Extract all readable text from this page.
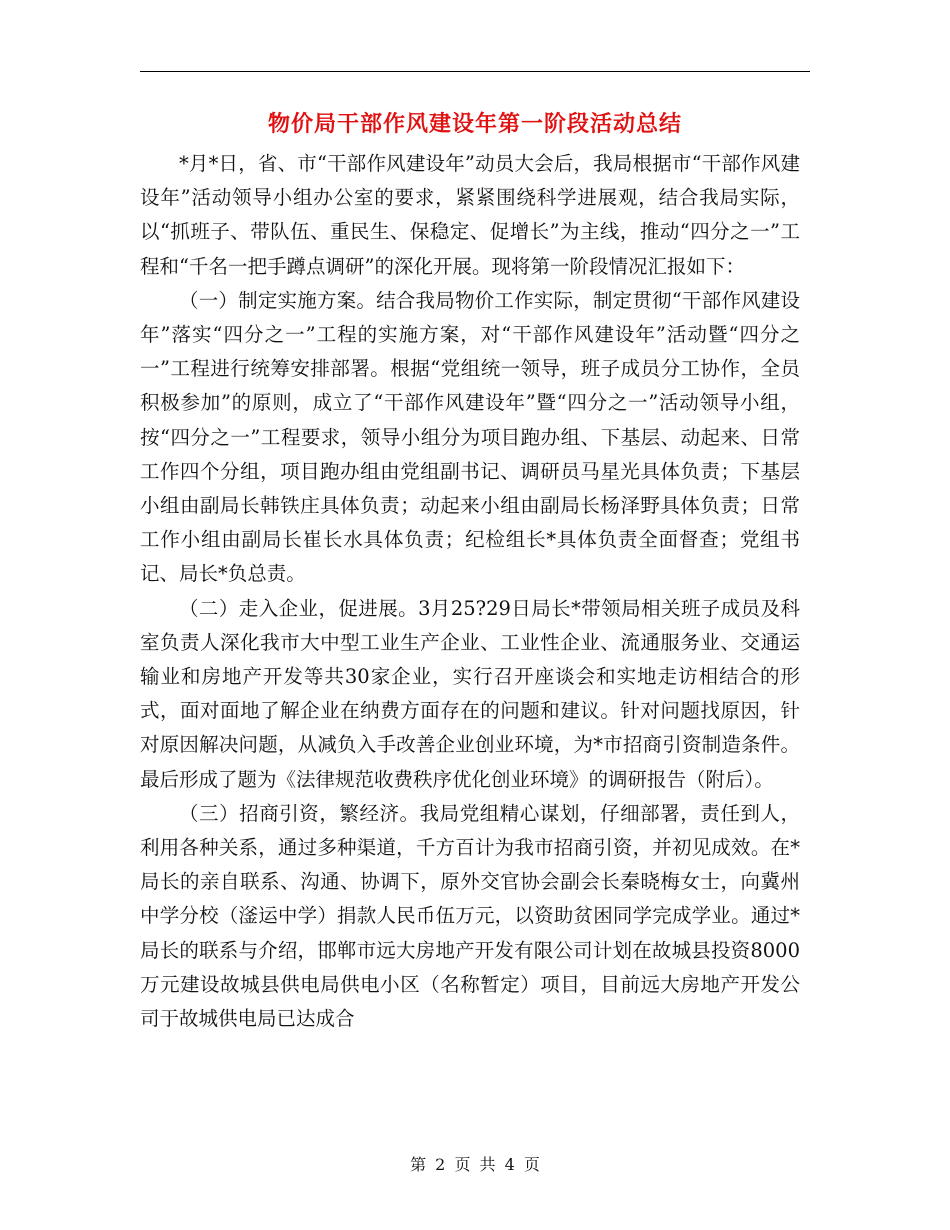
物价局干部作风建设年第一阶段活动总结

*月*日，省、市“干部作风建设年”动员大会后，我局根据市“干部作风建设年”活动领导小组办公室的要求，紧紧围绕科学进展观，结合我局实际，以“抓班子、带队伍、重民生、保稳定、促增长”为主线，推动“四分之一”工程和“千名一把手蹲点调研”的深化开展。现将第一阶段情况汇报如下：

（一）制定实施方案。结合我局物价工作实际，制定贯彻“干部作风建设年”落实“四分之一”工程的实施方案，对“干部作风建设年”活动暨“四分之一”工程进行统筹安排部署。根据“党组统一领导，班子成员分工协作，全员积极参加”的原则，成立了“干部作风建设年”暨“四分之一”活动领导小组，按“四分之一”工程要求，领导小组分为项目跑办组、下基层、动起来、日常工作四个分组，项目跑办组由党组副书记、调研员马星光具体负责；下基层小组由副局长韩铁庄具体负责；动起来小组由副局长杨泽野具体负责；日常工作小组由副局长崔长水具体负责；纪检组长*具体负责全面督查；党组书记、局长*负总责。

（二）走入企业，促进展。3月25?29日局长*带领局相关班子成员及科室负责人深化我市大中型工业生产企业、工业性企业、流通服务业、交通运输业和房地产开发等共30家企业，实行召开座谈会和实地走访相结合的形式，面对面地了解企业在纳费方面存在的问题和建议。针对问题找原因，针对原因解决问题，从减负入手改善企业创业环境，为*市招商引资制造条件。最后形成了题为《法律规范收费秩序优化创业环境》的调研报告（附后）。

（三）招商引资，繁经济。我局党组精心谋划，仔细部署，责任到人，利用各种关系，通过多种渠道，千方百计为我市招商引资，并初见成效。在*局长的亲自联系、沟通、协调下，原外交官协会副会长秦晓梅女士，向冀州中学分校（滏运中学）捐款人民币伍万元，以资助贫困同学完成学业。通过*局长的联系与介绍，邯郸市远大房地产开发有限公司计划在故城县投资8000万元建设故城县供电局供电小区（名称暂定）项目，目前远大房地产开发公司于故城供电局已达成合

第 2 页 共 4 页
